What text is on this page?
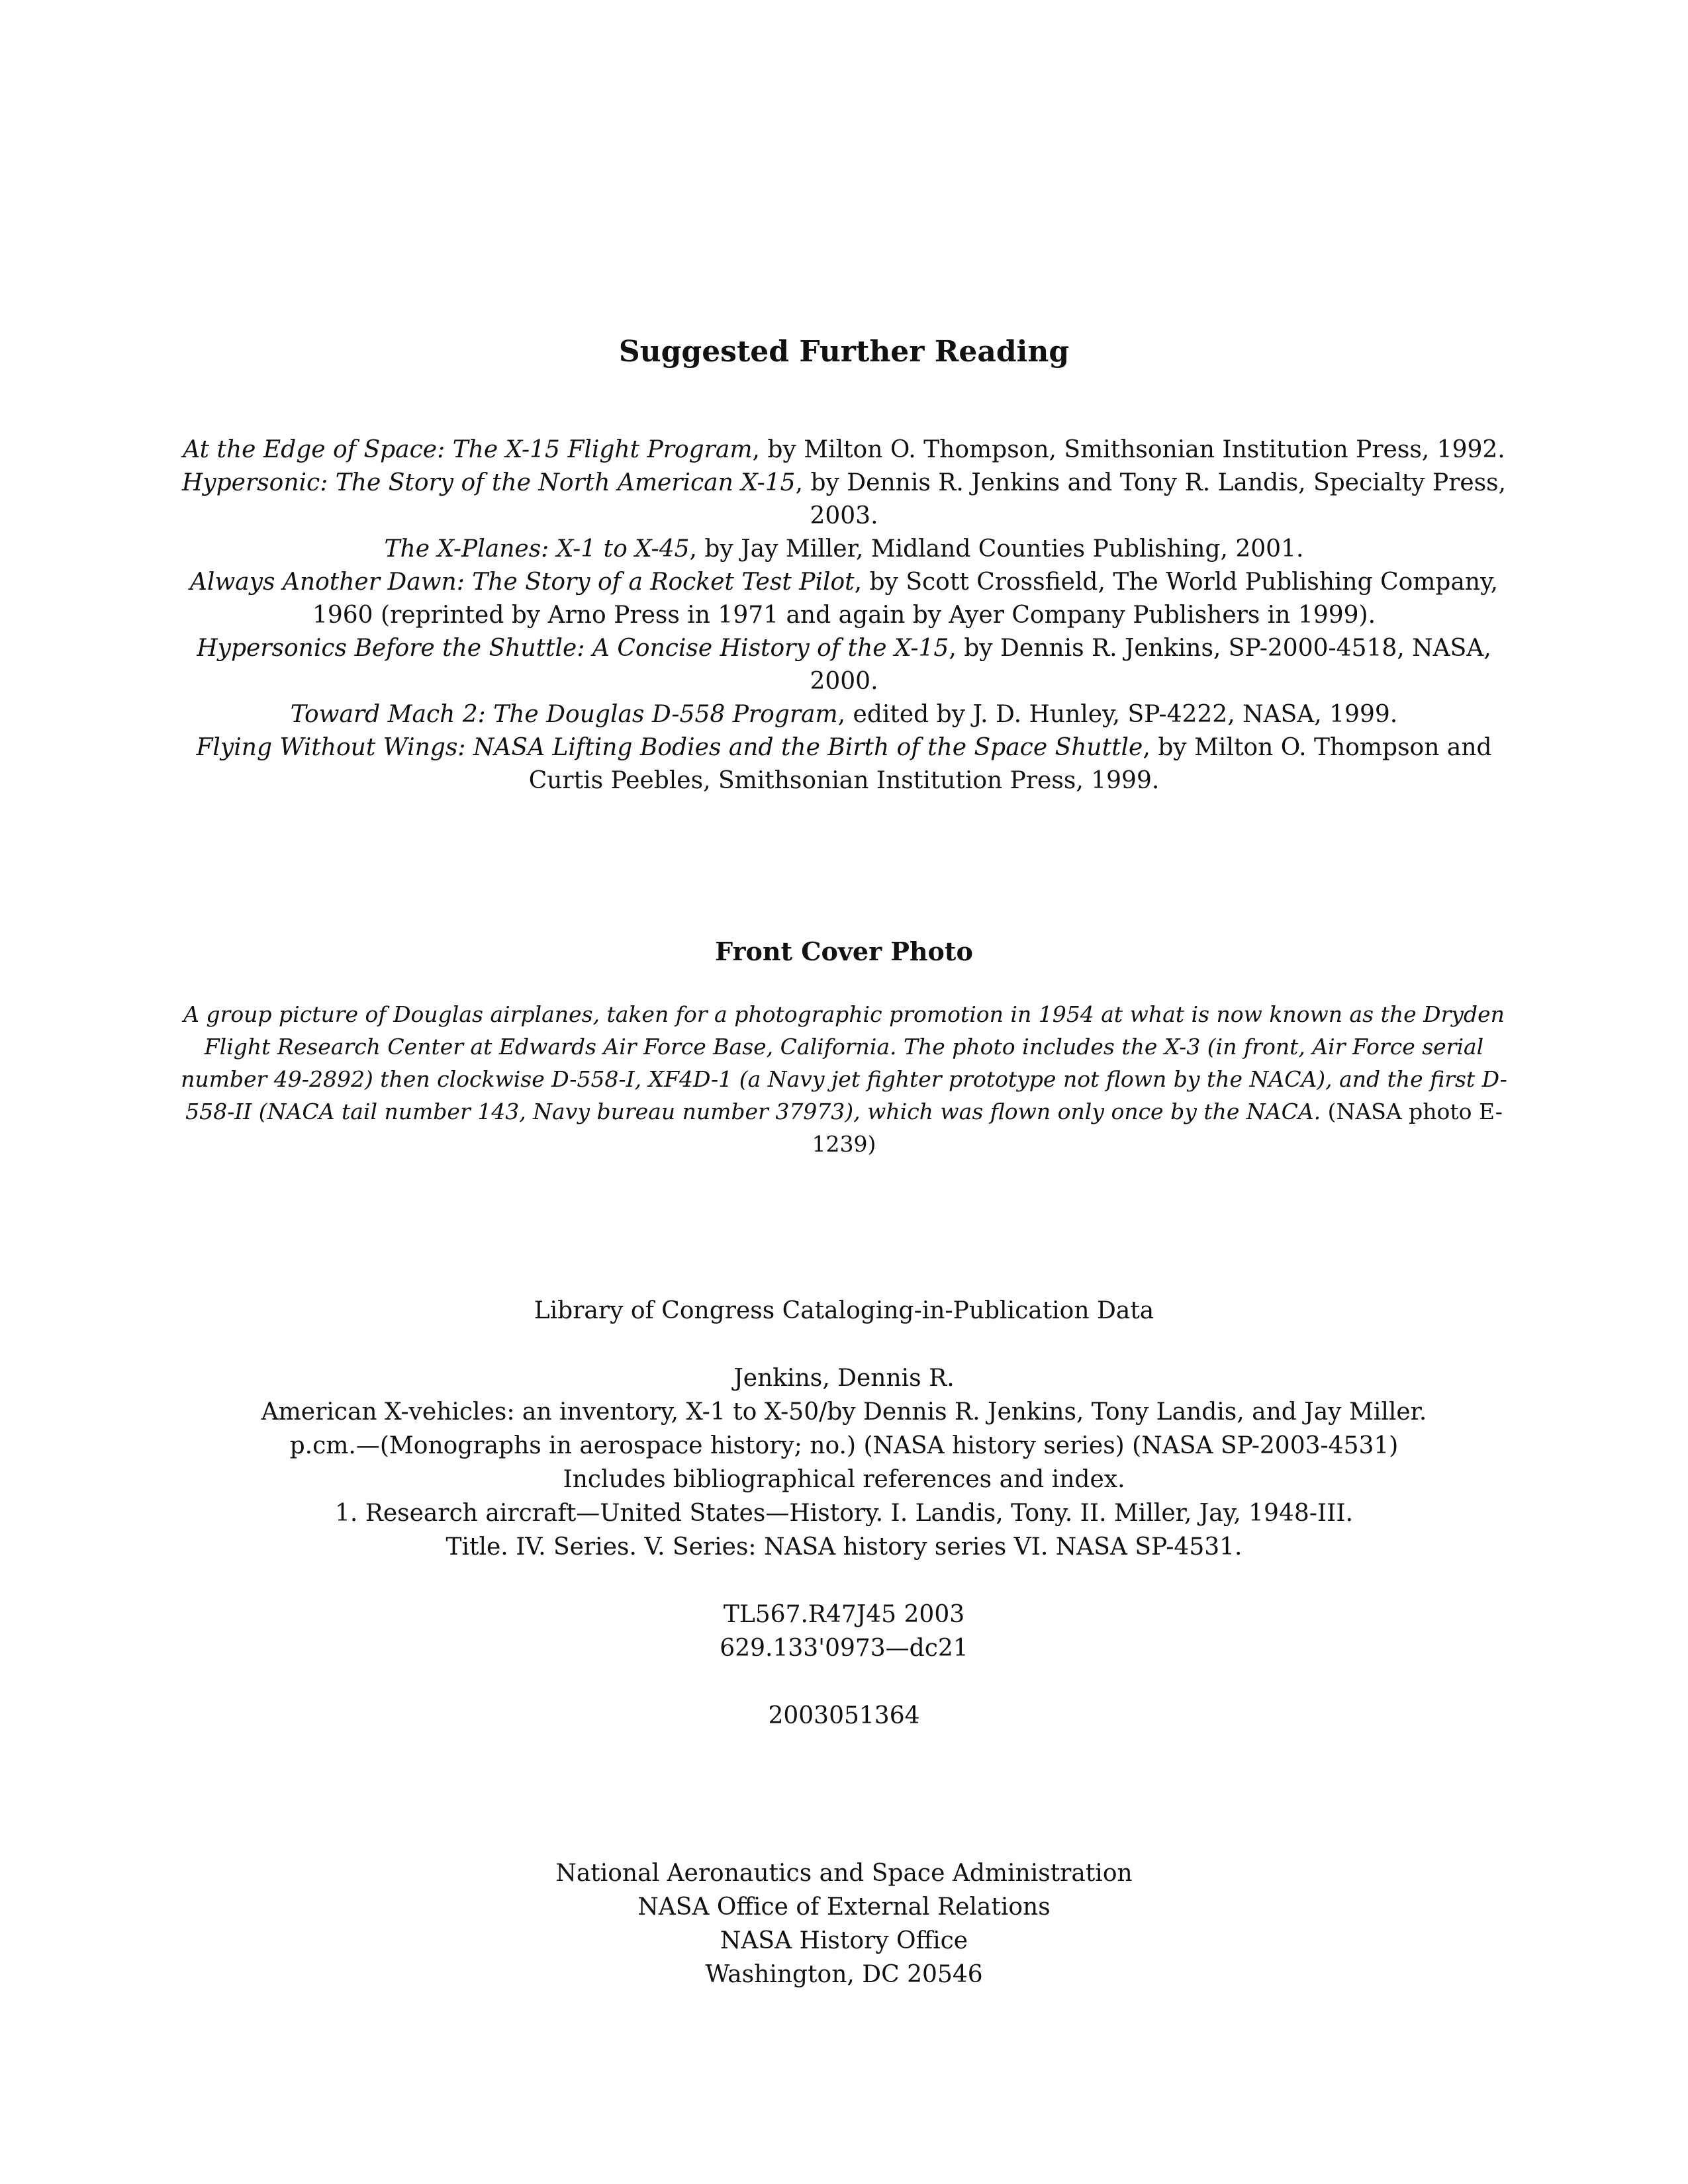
Suggested Further Reading

At the Edge of Space: The X-15 Flight Program, by Milton O. Thompson, Smithsonian Institution Press, 1992.

Hypersonic: The Story of the North American X-15, by Dennis R. Jenkins and Tony R. Landis, Specialty Press, 2003.

The X-Planes: X-1 to X-45, by Jay Miller, Midland Counties Publishing, 2001.

Always Another Dawn: The Story of a Rocket Test Pilot, by Scott Crossfield, The World Publishing Company, 1960 (reprinted by Arno Press in 1971 and again by Ayer Company Publishers in 1999).

Hypersonics Before the Shuttle: A Concise History of the X-15, by Dennis R. Jenkins, SP-2000-4518, NASA, 2000.

Toward Mach 2: The Douglas D-558 Program, edited by J. D. Hunley, SP-4222, NASA, 1999.

Flying Without Wings: NASA Lifting Bodies and the Birth of the Space Shuttle, by Milton O. Thompson and Curtis Peebles, Smithsonian Institution Press, 1999.

Front Cover Photo

A group picture of Douglas airplanes, taken for a photographic promotion in 1954 at what is now known as the Dryden Flight Research Center at Edwards Air Force Base, California. The photo includes the X-3 (in front, Air Force serial number 49-2892) then clockwise D-558-I, XF4D-1 (a Navy jet fighter prototype not flown by the NACA), and the first D-558-II (NACA tail number 143, Navy bureau number 37973), which was flown only once by the NACA. (NASA photo E-1239)

Library of Congress Cataloging-in-Publication Data

Jenkins, Dennis R.

American X-vehicles: an inventory, X-1 to X-50/by Dennis R. Jenkins, Tony Landis, and Jay Miller.

p.cm.—(Monographs in aerospace history; no.) (NASA history series) (NASA SP-2003-4531)

Includes bibliographical references and index.

1. Research aircraft—United States—History. I. Landis, Tony. II. Miller, Jay, 1948-III.

Title. IV. Series. V. Series: NASA history series VI. NASA SP-4531.

TL567.R47J45 2003

629.133'0973—dc21

2003051364

National Aeronautics and Space Administration

NASA Office of External Relations

NASA History Office

Washington, DC 20546
